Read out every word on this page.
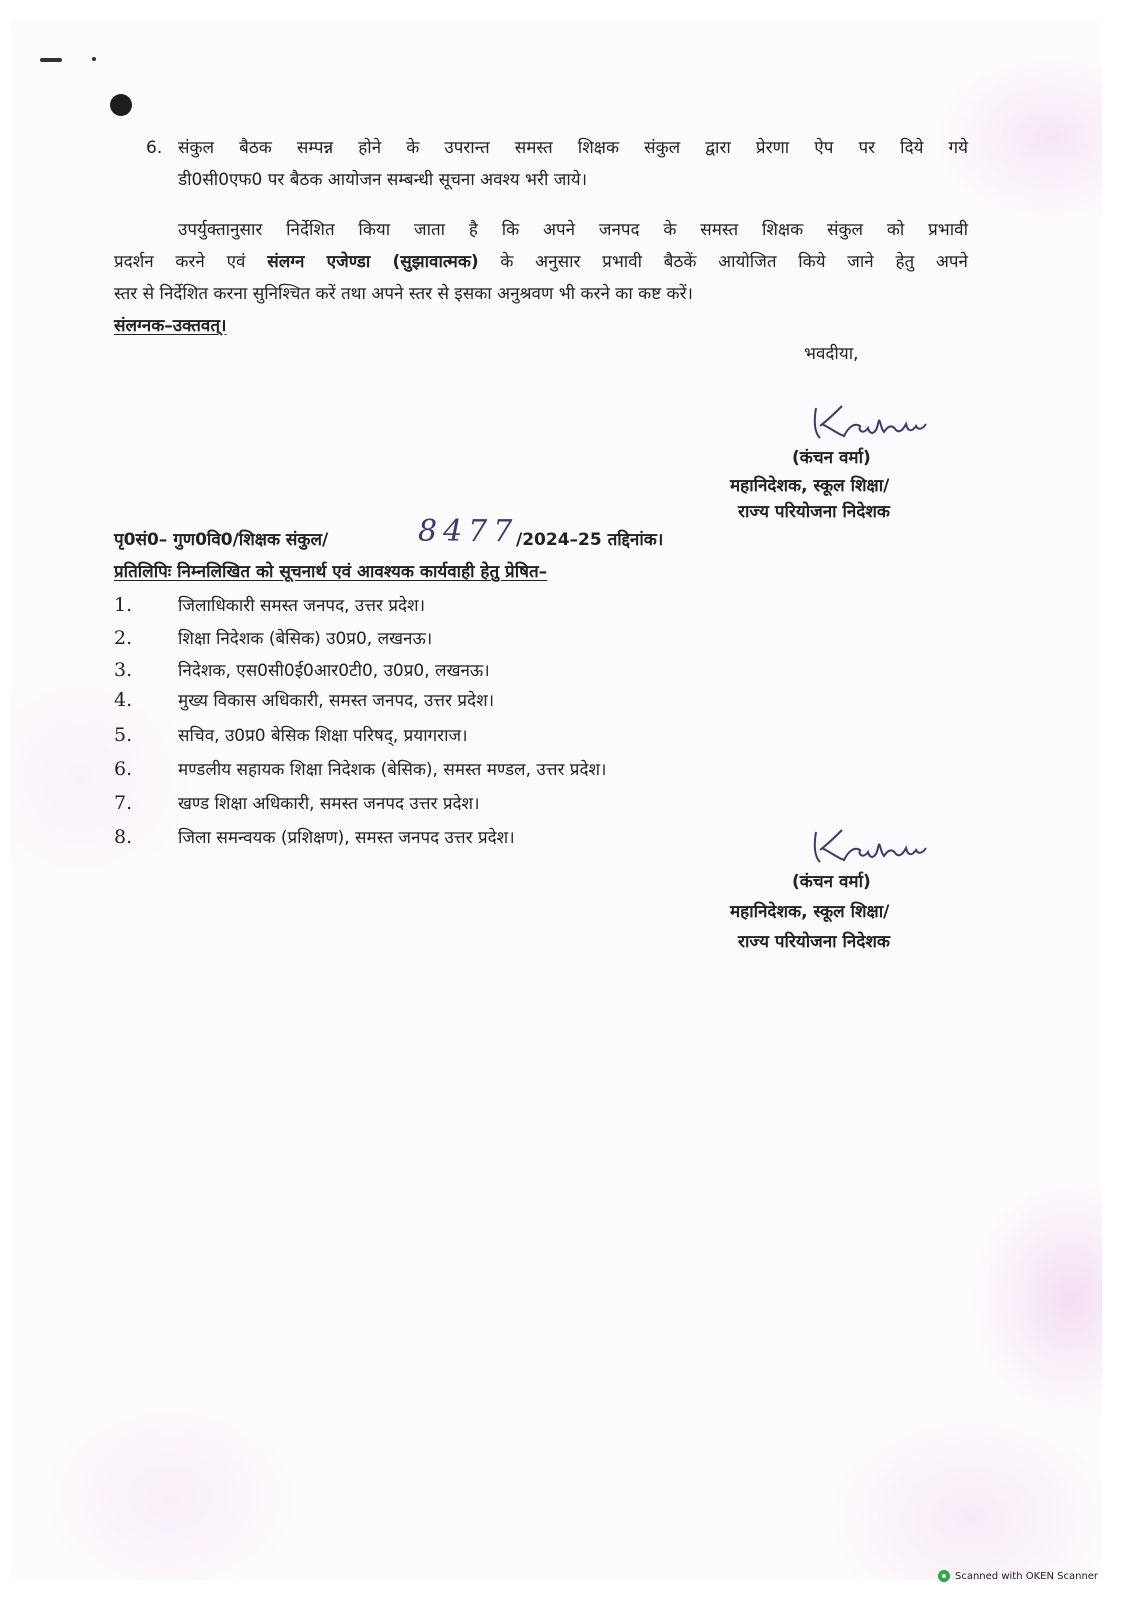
6. संकुल बैठक सम्पन्न होने के उपरान्त समस्त शिक्षक संकुल द्वारा प्रेरणा ऐप पर दिये गये
डी0सी0एफ0 पर बैठक आयोजन सम्बन्धी सूचना अवश्य भरी जाये।
उपर्युक्तानुसार निर्देशित किया जाता है कि अपने जनपद के समस्त शिक्षक संकुल को प्रभावी
प्रदर्शन करने एवं संलग्न एजेण्डा (सुझावात्मक) के अनुसार प्रभावी बैठकें आयोजित किये जाने हेतु अपने
स्तर से निर्देशित करना सुनिश्चित करें तथा अपने स्तर से इसका अनुश्रवण भी करने का कष्ट करें।
संलग्नक–उक्तवत्।
भवदीया,
(कंचन वर्मा)
महानिदेशक, स्कूल शिक्षा/
राज्य परियोजना निदेशक
पृ0सं0– गुण0वि0/शिक्षक संकुल/	8477
/2024–25 तद्दिनांक।
प्रतिलिपिः निम्नलिखित को सूचनार्थ एवं आवश्यक कार्यवाही हेतु प्रेषित–
1.	जिलाधिकारी समस्त जनपद, उत्तर प्रदेश।
2.	शिक्षा निदेशक (बेसिक) उ0प्र0, लखनऊ।
3.	निदेशक, एस0सी0ई0आर0टी0, उ0प्र0, लखनऊ।
4.	मुख्य विकास अधिकारी, समस्त जनपद, उत्तर प्रदेश।
5.	सचिव, उ0प्र0 बेसिक शिक्षा परिषद्, प्रयागराज।
6.	मण्डलीय सहायक शिक्षा निदेशक (बेसिक), समस्त मण्डल, उत्तर प्रदेश।
7.	खण्ड शिक्षा अधिकारी, समस्त जनपद उत्तर प्रदेश।
8.	जिला समन्वयक (प्रशिक्षण), समस्त जनपद उत्तर प्रदेश।
(कंचन वर्मा)
महानिदेशक, स्कूल शिक्षा/
राज्य परियोजना निदेशक
Scanned with OKEN Scanner
